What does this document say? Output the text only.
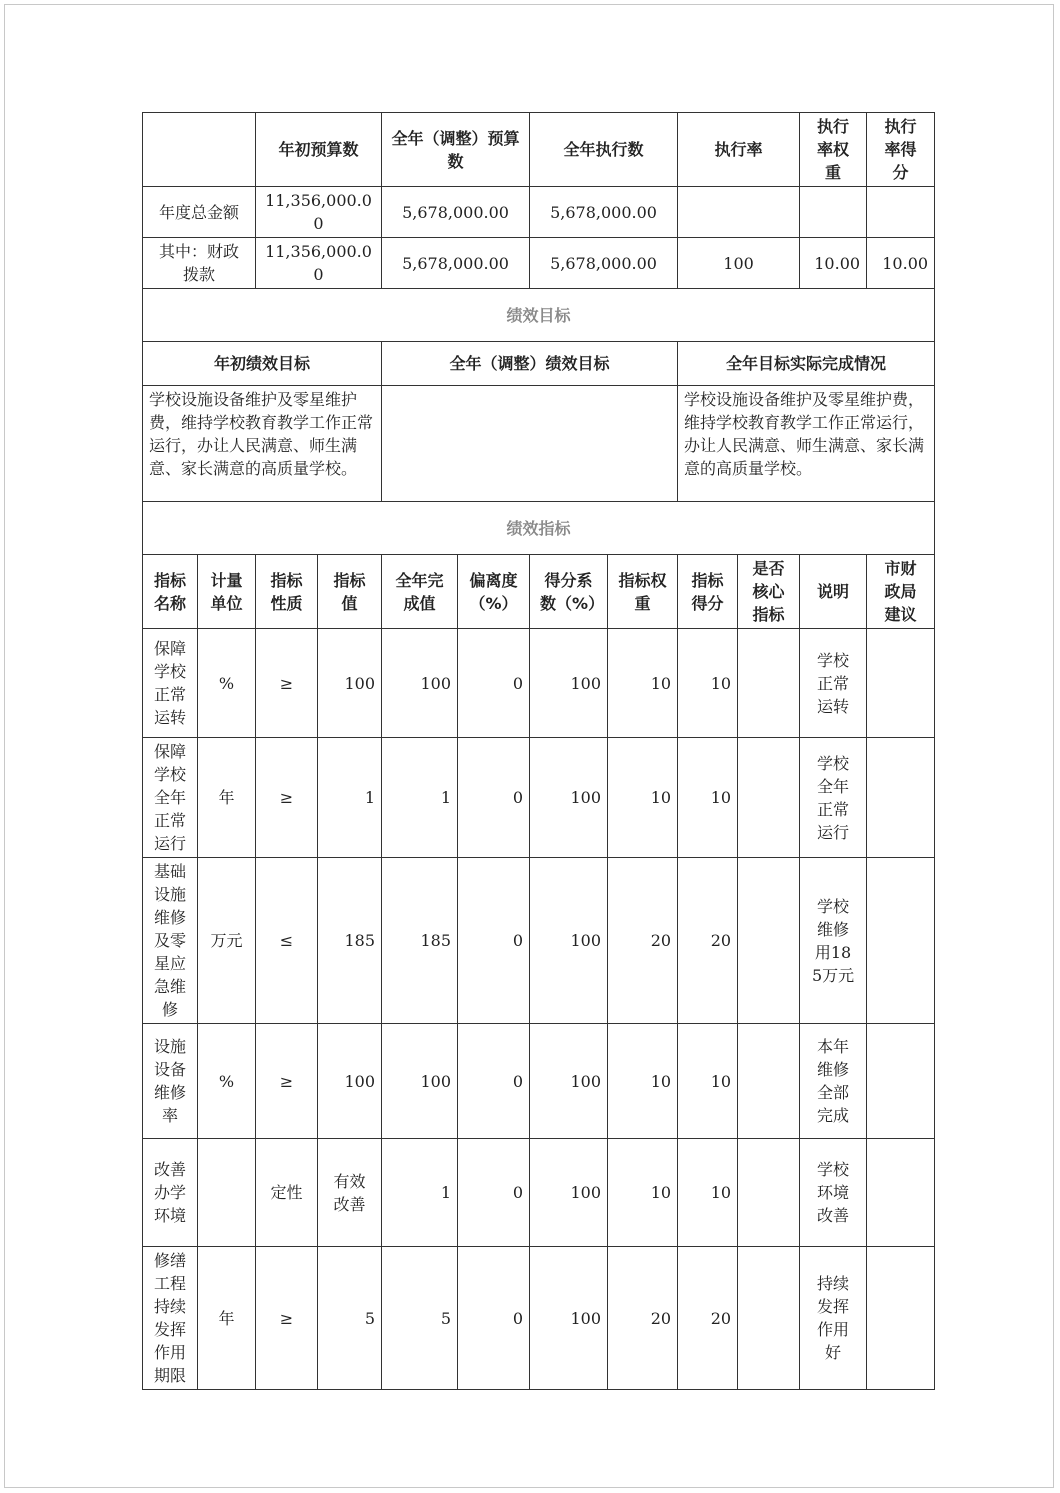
		年初预算数		全年（调整）预算数		全年执行数		执行率		执行率权重	执行率得分
年度总金额		11,356,000.00		5,678,000.00		5,678,000.00					
其中：财政拨款		11,356,000.00		5,678,000.00		5,678,000.00		100		10.00	10.00
绩效目标											
年初绩效目标				全年（调整）绩效目标				全年目标实际完成情况			
学校设施设备维护及零星维护费，维持学校教育教学工作正常运行，办让人民满意、师生满意、家长满意的高质量学校。								学校设施设备维护及零星维护费，维持学校教育教学工作正常运行，办让人民满意、师生满意、家长满意的高质量学校。			
绩效指标											
指标名称	计量单位	指标性质	指标值	全年完成值	偏离度（%）	得分系数（%）	指标权重	指标得分	是否核心指标	说明	市财政局建议
保障学校正常运转	%	≥	100	100	0	100	10	10		学校正常运转	
保障学校全年正常运行	年	≥	1	1	0	100	10	10		学校全年正常运行	
基础设施维修及零星应急维修	万元	≤	185	185	0	100	20	20		学校维修用185万元	
设施设备维修率	%	≥	100	100	0	100	10	10		本年维修全部完成	
改善办学环境		定性	有效改善	1	0	100	10	10		学校环境改善	
修缮工程持续发挥作用期限	年	≥	5	5	0	100	20	20		持续发挥作用好	
